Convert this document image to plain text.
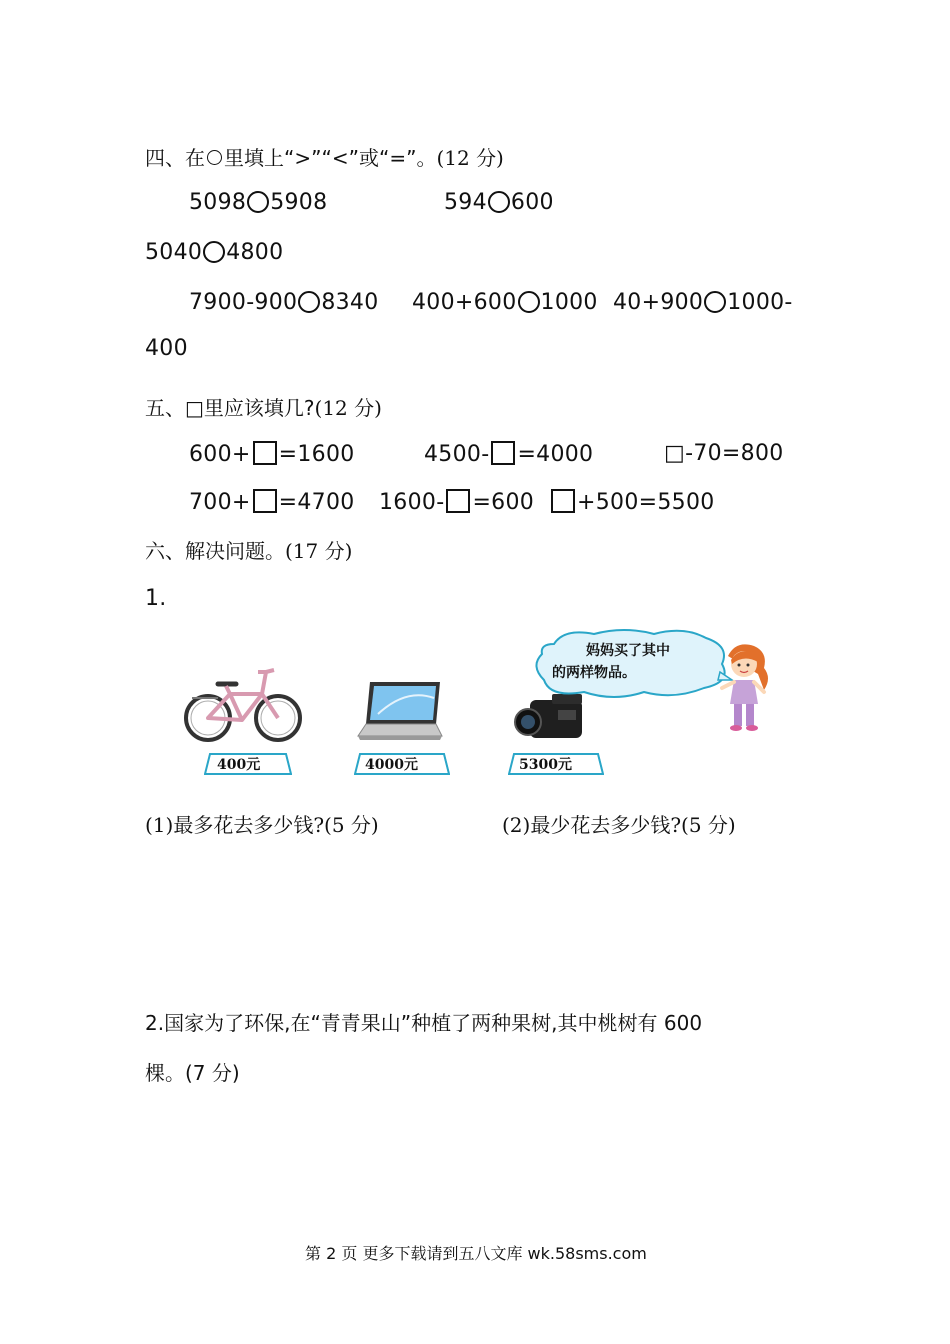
四、在 里填上“>”“<”或“=”。(12 分)
5098 5908	594 600
5040 4800
7900-900 8340 400+600 1000 40+900 1000-
400
五、□里应该填几?(12 分)
600+ =1600	4500- =4000	□-70=800
700+ =4700 1600- =600	+500=5500
六、解决问题。(17 分)
1.
400元	4000元	5300元
妈妈买了其中
的两样物品。
(1)最多花去多少钱?(5 分)	(2)最少花去多少钱?(5 分)
2.国家为了环保,在“青青果山”种植了两种果树,其中桃树有 600
棵。(7 分)
第 2 页 更多下载请到五八文库 wk.58sms.com
